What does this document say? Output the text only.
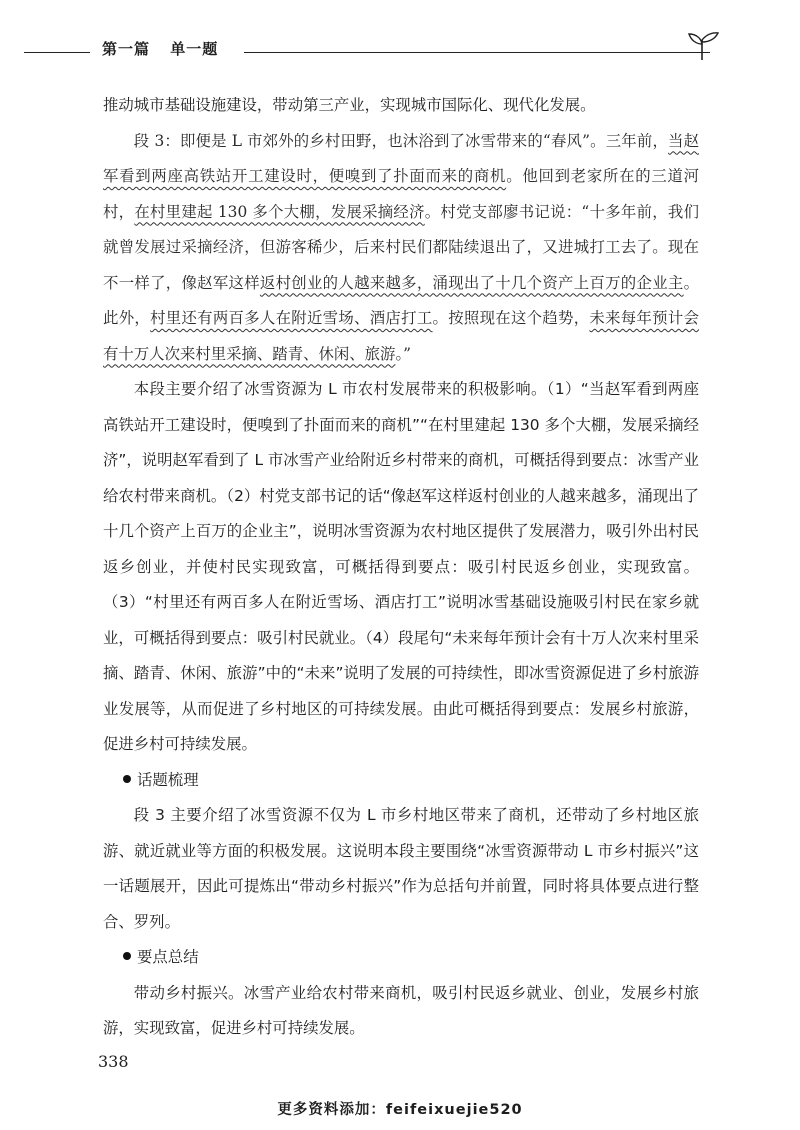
第一篇 单一题

推动城市基础设施建设，带动第三产业，实现城市国际化、现代化发展。

段 3：即便是 L 市郊外的乡村田野，也沐浴到了冰雪带来的“春风”。三年前，当赵军看到两座高铁站开工建设时，便嗅到了扑面而来的商机。他回到老家所在的三道河村，在村里建起 130 多个大棚，发展采摘经济。村党支部廖书记说：“十多年前，我们就曾发展过采摘经济，但游客稀少，后来村民们都陆续退出了，又进城打工去了。现在不一样了，像赵军这样返村创业的人越来越多，涌现出了十几个资产上百万的企业主。此外，村里还有两百多人在附近雪场、酒店打工。按照现在这个趋势，未来每年预计会有十万人次来村里采摘、踏青、休闲、旅游。”

本段主要介绍了冰雪资源为 L 市农村发展带来的积极影响。（1）“当赵军看到两座高铁站开工建设时，便嗅到了扑面而来的商机”“在村里建起 130 多个大棚，发展采摘经济”，说明赵军看到了 L 市冰雪产业给附近乡村带来的商机，可概括得到要点：冰雪产业给农村带来商机。（2）村党支部书记的话“像赵军这样返村创业的人越来越多，涌现出了十几个资产上百万的企业主”，说明冰雪资源为农村地区提供了发展潜力，吸引外出村民返乡创业，并使村民实现致富，可概括得到要点：吸引村民返乡创业，实现致富。（3）“村里还有两百多人在附近雪场、酒店打工”说明冰雪基础设施吸引村民在家乡就业，可概括得到要点：吸引村民就业。（4）段尾句“未来每年预计会有十万人次来村里采摘、踏青、休闲、旅游”中的“未来”说明了发展的可持续性，即冰雪资源促进了乡村旅游业发展等，从而促进了乡村地区的可持续发展。由此可概括得到要点：发展乡村旅游，促进乡村可持续发展。

话题梳理

段 3 主要介绍了冰雪资源不仅为 L 市乡村地区带来了商机，还带动了乡村地区旅游、就近就业等方面的积极发展。这说明本段主要围绕“冰雪资源带动 L 市乡村振兴”这一话题展开，因此可提炼出“带动乡村振兴”作为总括句并前置，同时将具体要点进行整合、罗列。

要点总结

带动乡村振兴。冰雪产业给农村带来商机，吸引村民返乡就业、创业，发展乡村旅游，实现致富，促进乡村可持续发展。

338
更多资料添加：feifeixuejie520
